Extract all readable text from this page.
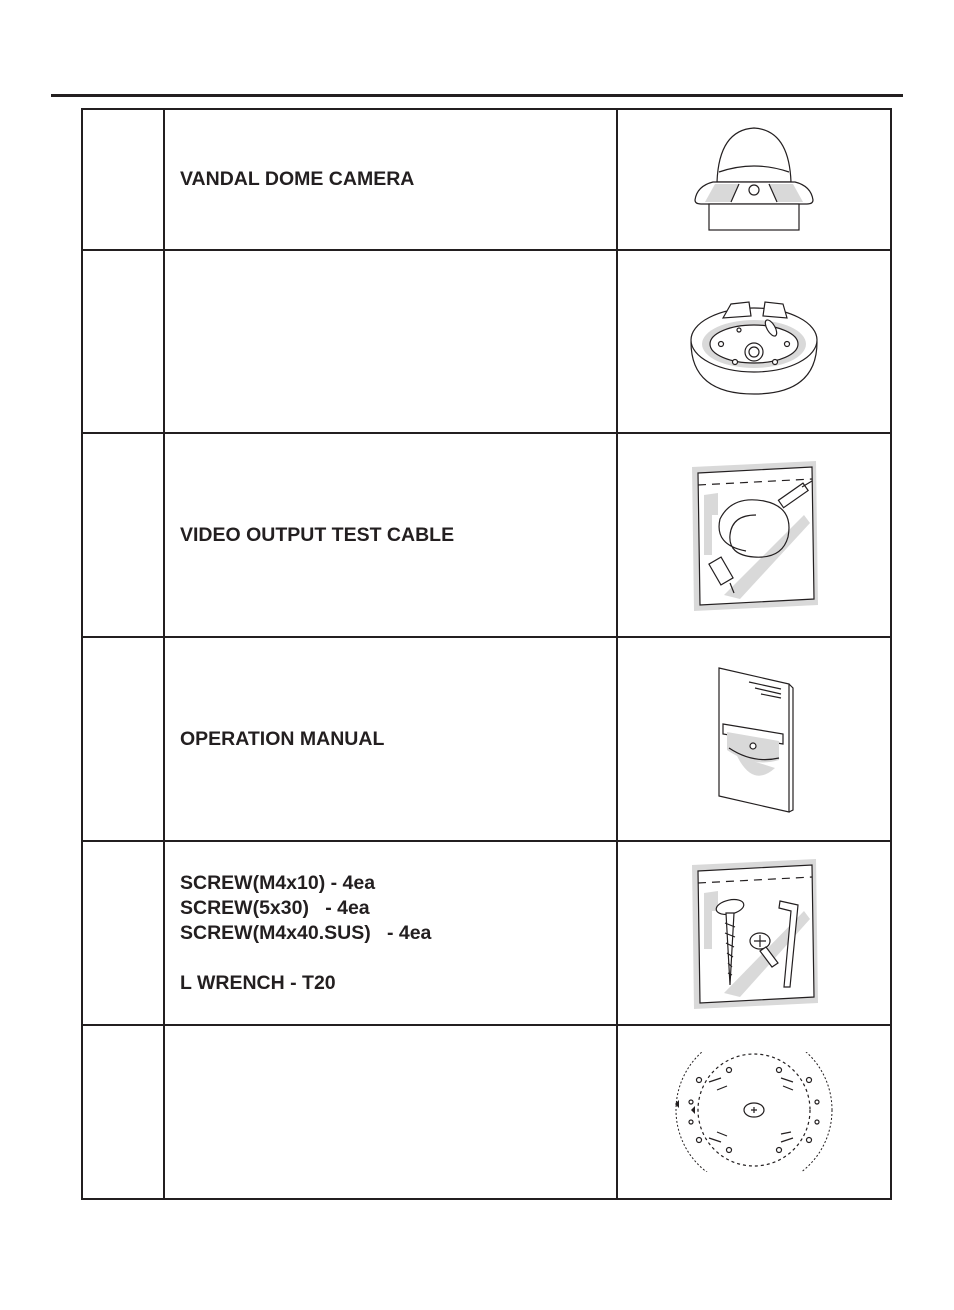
	VANDAL DOME CAMERA

	VIDEO OUTPUT TEST CABLE

	OPERATION MANUAL

	SCREW(M4x10) - 4ea
SCREW(5x30)   - 4ea
SCREW(M4x40.SUS)   - 4ea
L WRENCH - T20
